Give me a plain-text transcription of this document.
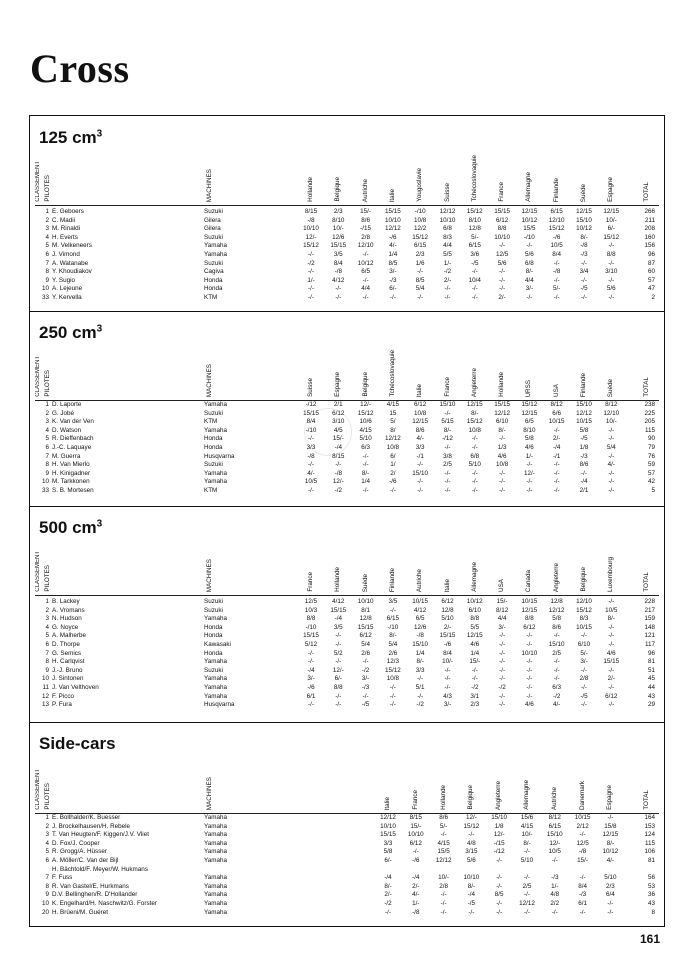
Cross
125 $cm^3$
CLASSEMENT PILOTES	MACHINES	Hollande	Belgique	Autriche	Italie	Yougoslavie	Suisse	Tchécoslovaquie	France	Allemagne	Finlande	Suède	Espagne	TOTAL
1 E. Geboers	Suzuki	8/15	2/3	15/-	15/15	-/10	12/12	15/12	15/15	12/15	6/15	12/15	12/15	266
2 C. Madii	Gilera	-/8	8/10	8/6	10/10	10/8	10/10	8/10	6/12	10/12	12/10	15/10	10/-	211
3 M. Rinaldi	Gilera	10/10	10/-	-/15	12/12	12/2	6/8	12/8	8/8	15/5	15/12	10/12	6/-	208
4 H. Everts	Suzuki	12/-	12/6	2/8	-/6	15/12	8/3	5/-	10/10	-/10	-/6	8/-	15/12	160
5 M. Velkeneers	Yamaha	15/12	15/15	12/10	4/-	6/15	4/4	6/15	-/-	-/-	10/5	-/8	-/-	156
6 J. Vimond	Yamaha	-/-	3/5	-/-	1/4	2/3	5/5	3/6	12/5	5/6	8/4	-/3	8/8	96
7 A. Watanabe	Suzuki	-/2	8/4	10/12	8/5	1/6	1/-	-/5	5/6	6/8	-/-	-/-	-/-	87
8 Y. Khoudiakov	Cagiva	-/-	-/8	6/5	3/-	-/-	-/2	-/-	-/-	8/-	-/8	3/4	3/10	60
9 Y. Sugio	Honda	1/-	4/12	-/-	-/3	8/5	2/-	10/4	-/-	4/4	-/-	-/-	-/-	57
10 A. Lejeune	Honda	-/-	-/-	4/4	6/-	5/4	-/-	-/-	-/-	3/-	5/-	-/5	5/6	47
33 Y. Kervella	KTM	-/-	-/-	-/-	-/-	-/-	-/-	-/-	2/-	-/-	-/-	-/-	-/-	2
250 $cm^3$
CLASSEMENT PILOTES	MACHINES	Suisse	Espagne	Belgique	Tchécoslovaquie	Italie	France	Angleterre	Hollande	URSS	USA	Finlande	Suède	TOTAL
1 D. Laporte	Yamaha	-/12	2/1	12/-	4/15	6/12	15/10	12/15	15/15	15/12	8/12	15/10	8/12	238
2 G. Jobé	Suzuki	15/15	6/12	15/12	15	10/8	-/-	8/-	12/12	12/15	6/6	12/12	12/10	225
3 K. Van der Ven	KTM	8/4	3/10	10/6	5/	12/15	5/15	15/12	6/10	6/5	10/15	10/15	10/-	205
4 D. Watson	Yamaha	-/10	4/5	4/15	8/	8/6	8/-	10/8	8/-	8/10	-/-	5/8	-/-	115
5 R. Dieffenbach	Honda	-/-	15/-	5/10	12/12	4/-	-/12	-/-	-/-	5/8	2/-	-/5	-/-	90
6 J.-C. Laquaye	Honda	3/3	-/4	6/3	10/8	3/3	-/-	-/-	1/3	4/6	-/4	1/8	5/4	79
7 M. Guerra	Husqvarna	-/8	8/15	-/-	6/	-/1	3/8	6/8	4/6	1/-	-/1	-/3	-/-	76
8 H. Van Mierlo	Suzuki	-/-	-/-	-/-	1/	-/-	2/5	5/10	10/8	-/-	-/-	8/6	4/-	59
9 H. Kinigadner	Yamaha	4/-	-/8	8/-	2/	15/10	-/-	-/-	-/-	12/-	-/-	-/-	-/-	57
10 M. Tarkkonen	Yamaha	10/5	12/-	1/4	-/6	-/-	-/-	-/-	-/-	-/-	-/-	-/4	-/-	42
33 S. B. Mortesen	KTM	-/-	-/2	-/-	-/-	-/-	-/-	-/-	-/-	-/-	-/-	2/1	-/-	5
500 $cm^3$
CLASSEMENT PILOTES	MACHINES	France	Hollande	Suède	Finlande	Autriche	Italie	Allemagne	USA	Canada	Angleterre	Belgique	Luxembourg	TOTAL
1 B. Lackey	Suzuki	12/5	4/12	10/10	3/5	10/15	6/12	10/12	15/-	10/15	12/8	12/10	-/-	228
2 A. Vromans	Suzuki	10/3	15/15	8/1	-/-	4/12	12/8	6/10	8/12	12/15	12/12	15/12	10/5	217
3 N. Hudson	Yamaha	8/8	-/4	12/8	6/15	6/5	5/10	8/8	4/4	8/8	5/8	8/3	8/-	159
4 G. Noyce	Honda	-/10	3/5	15/15	-/10	12/6	2/-	5/5	3/-	6/12	8/6	10/15	-/-	148
5 A. Malherbe	Honda	15/15	-/-	6/12	8/-	-/8	15/15	12/15	-/-	-/-	-/-	-/-	-/-	121
6 D. Thorpe	Kawasaki	5/12	-/-	5/4	5/4	15/10	-/6	4/6	-/-	-/-	15/10	6/10	-/-	117
7 G. Semics	Honda	-/-	5/2	2/6	2/6	1/4	8/4	1/4	-/-	10/10	2/5	5/-	4/6	96
8 H. Carlqvist	Yamaha	-/-	-/-	-/-	12/3	8/-	10/-	15/-	-/-	-/-	-/-	3/-	15/15	81
9 J.-J. Bruno	Suzuki	-/4	12/-	-/2	15/12	3/3	-/-	-/-	-/-	-/-	-/-	-/-	-/-	51
10 J. Sintonen	Yamaha	3/-	6/-	3/-	10/8	-/-	-/-	-/-	-/-	-/-	-/-	2/8	2/-	45
11 J. Van Velthoven	Yamaha	-/6	8/8	-/3	-/-	5/1	-/-	-/2	-/2	-/-	6/3	-/-	-/-	44
12 F. Picco	Yamaha	6/1	-/-	-/-	-/-	-/-	4/3	3/1	-/-	-/-	-/2	-/5	6/12	43
13 P. Fura	Husqvarna	-/-	-/-	-/5	-/-	-/2	3/-	2/3	-/-	4/6	4/-	-/-	-/-	29
Side-cars
CLASSEMENT PILOTES	MACHINES	Italie	France	Hollande	Belgique	Angleterre	Allemagne	Autriche	Danemark	Espagne	TOTAL
1 E. Bollhalder/K. Buesser	Yamaha	12/12	8/15	8/6	12/-	15/10	15/6	8/12	10/15	-/-	164
2 J. Brockelhausen/H. Rebele	Yamaha	10/10	15/-	5/-	15/12	1/8	4/15	6/15	2/12	15/8	153
3 T. Van Heugten/F. Kiggen/J.V. Vliet	Yamaha	15/15	10/10	-/-	-/-	12/-	10/-	15/10	-/-	12/15	124
4 D. Fox/J. Cooper	Yamaha	3/3	6/12	4/15	4/8	-/15	8/-	12/-	12/5	8/-	115
5 R. Grogg/A. Hüsser	Yamaha	5/8	-/-	15/5	3/15	-/12	-/-	10/5	-/8	10/12	106
6 A. Möller/C. Van der Bijl	Yamaha	6/-	-/6	12/12	5/6	-/-	5/10	-/-	15/-	4/-	81
H. Bächtold/F. Meyer/W. Hukmans
7 F. Fuss	Yamaha	-/4	-/4	10/-	10/10	-/-	-/-	-/3	-/-	5/10	56
8 R. Van Gastel/E. Hurkmans	Yamaha	8/-	2/-	2/8	8/-	-/-	2/5	1/-	8/4	2/3	53
9 D.V. Bellinghen/R. D'Hollander	Yamaha	2/-	4/-	-/-	-/4	8/5	-/-	4/8	-/3	6/4	36
10 K. Engelhard/H. Naschwitz/G. Forster	Yamaha	-/2	1/-	-/-	-/5	-/-	12/12	2/2	6/1	-/-	43
20 H. Brüeni/M. Guéret	Yamaha	-/-	-/8	-/-	-/-	-/-	-/-	-/-	-/-	-/-	8
161
